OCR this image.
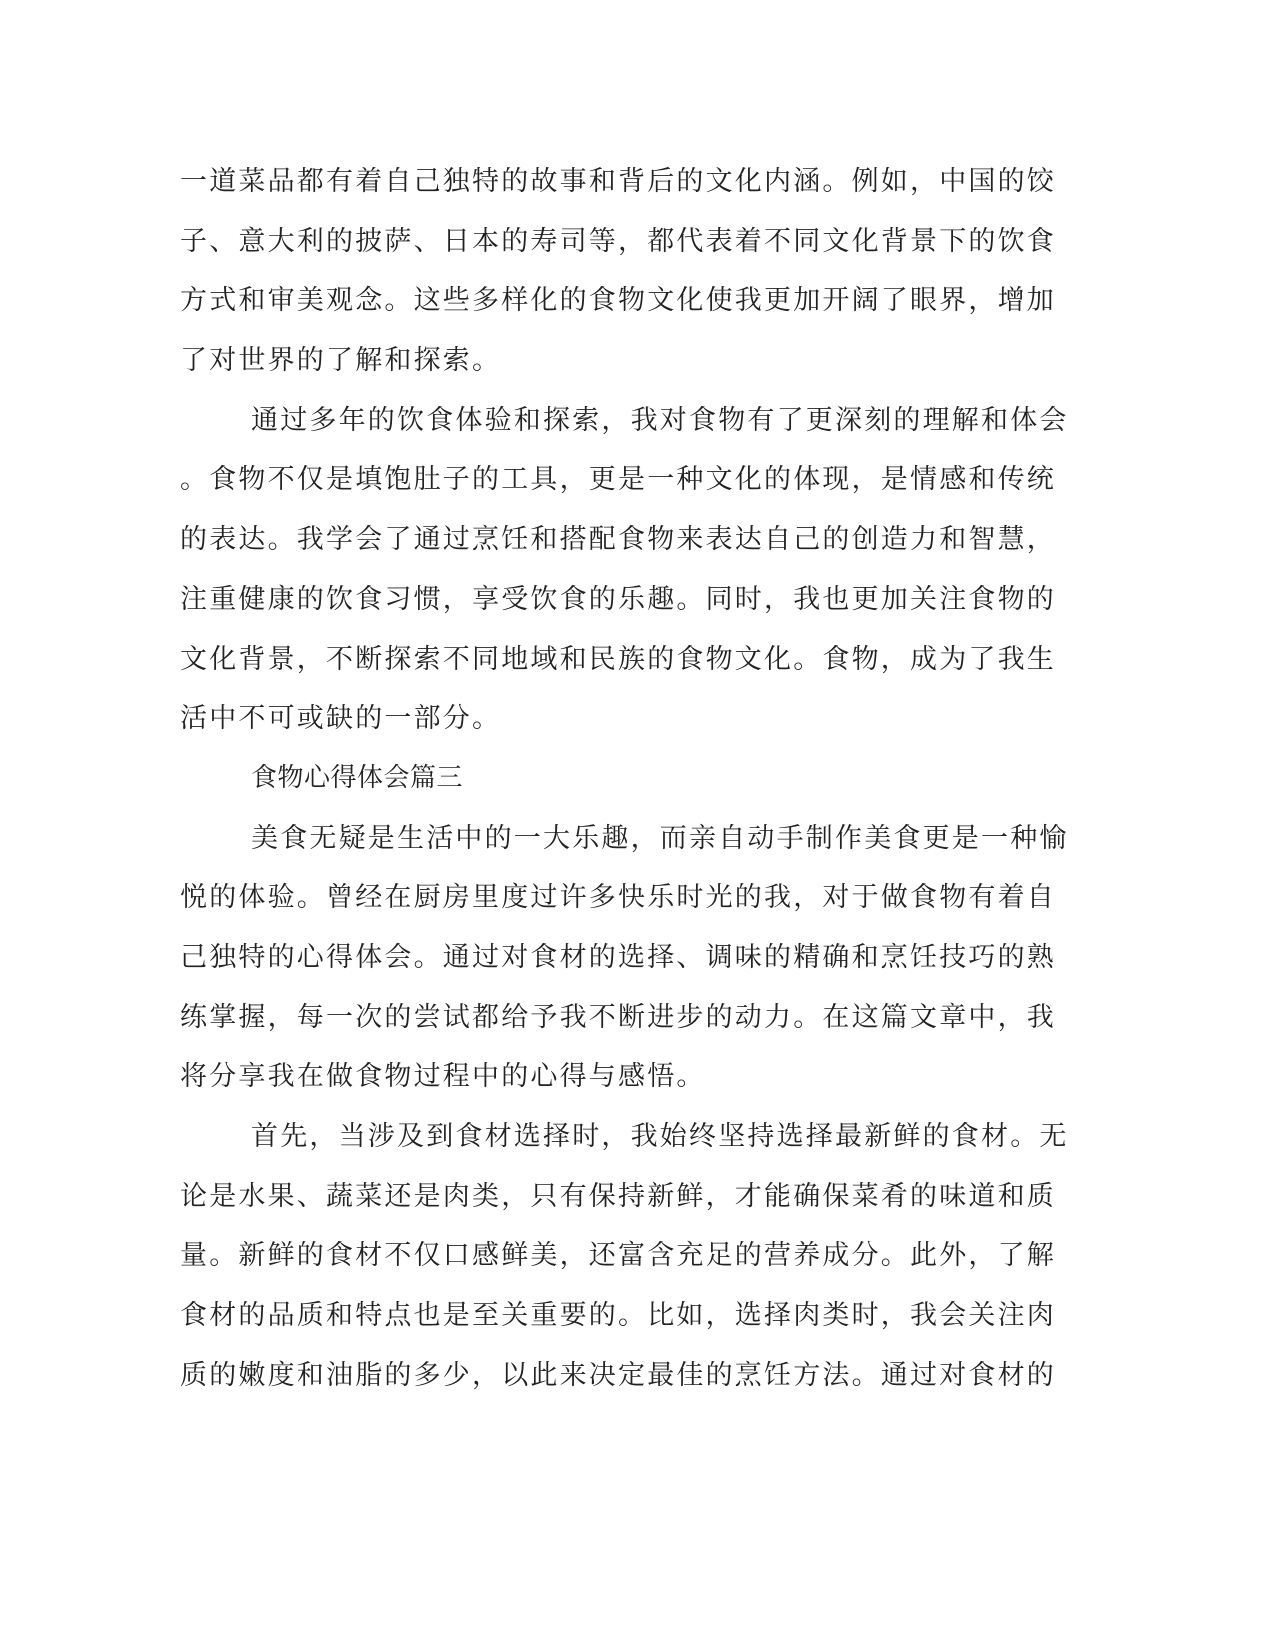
一道菜品都有着自己独特的故事和背后的文化内涵。例如，中国的饺
子、意大利的披萨、日本的寿司等，都代表着不同文化背景下的饮食
方式和审美观念。这些多样化的食物文化使我更加开阔了眼界，增加
了对世界的了解和探索。
通过多年的饮食体验和探索，我对食物有了更深刻的理解和体会
。食物不仅是填饱肚子的工具，更是一种文化的体现，是情感和传统
的表达。我学会了通过烹饪和搭配食物来表达自己的创造力和智慧，
注重健康的饮食习惯，享受饮食的乐趣。同时，我也更加关注食物的
文化背景，不断探索不同地域和民族的食物文化。食物，成为了我生
活中不可或缺的一部分。
食物心得体会篇三
美食无疑是生活中的一大乐趣，而亲自动手制作美食更是一种愉
悦的体验。曾经在厨房里度过许多快乐时光的我，对于做食物有着自
己独特的心得体会。通过对食材的选择、调味的精确和烹饪技巧的熟
练掌握，每一次的尝试都给予我不断进步的动力。在这篇文章中，我
将分享我在做食物过程中的心得与感悟。
首先，当涉及到食材选择时，我始终坚持选择最新鲜的食材。无
论是水果、蔬菜还是肉类，只有保持新鲜，才能确保菜肴的味道和质
量。新鲜的食材不仅口感鲜美，还富含充足的营养成分。此外，了解
食材的品质和特点也是至关重要的。比如，选择肉类时，我会关注肉
质的嫩度和油脂的多少，以此来决定最佳的烹饪方法。通过对食材的
